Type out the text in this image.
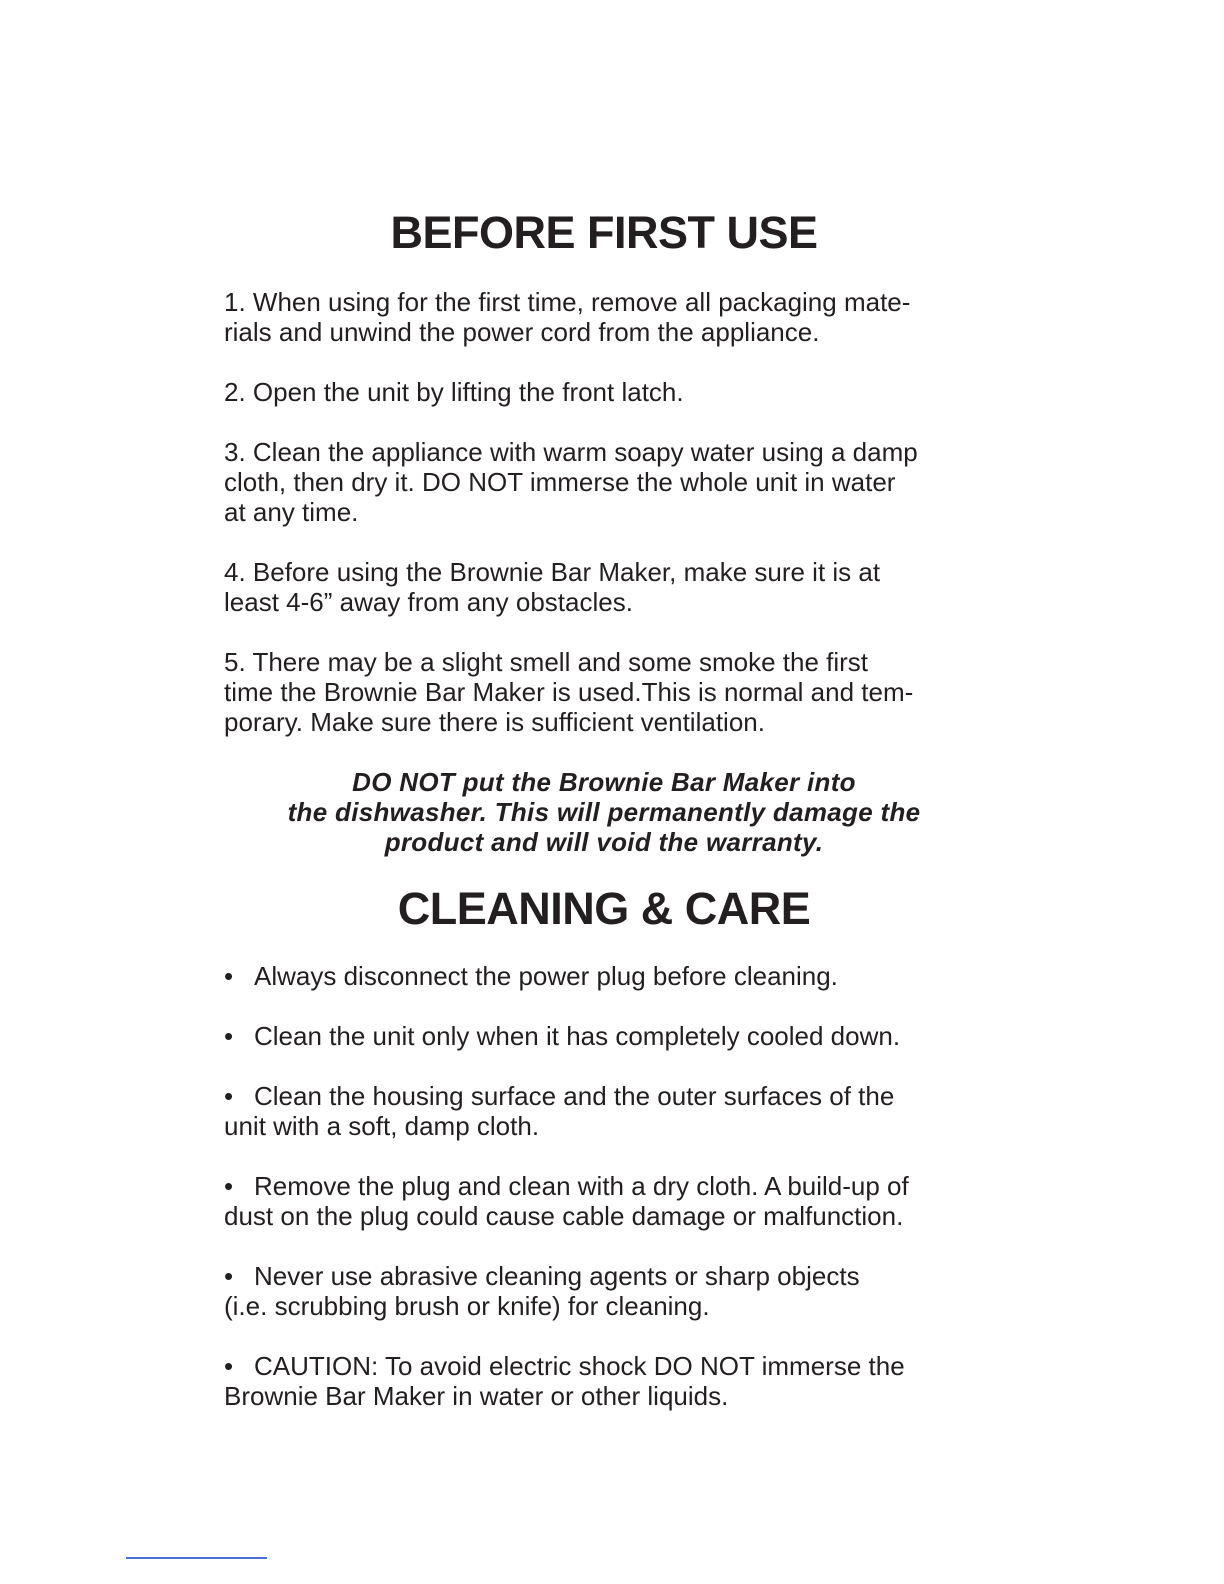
BEFORE FIRST USE

1. When using for the first time, remove all packaging mate-
rials and unwind the power cord from the appliance.

2. Open the unit by lifting the front latch.

3. Clean the appliance with warm soapy water using a damp
cloth, then dry it. DO NOT immerse the whole unit in water
at any time.

4. Before using the Brownie Bar Maker, make sure it is at
least 4-6” away from any obstacles.

5. There may be a slight smell and some smoke the first
time the Brownie Bar Maker is used.This is normal and tem-
porary. Make sure there is sufficient ventilation.

DO NOT put the Brownie Bar Maker into
the dishwasher. This will permanently damage the
product and will void the warranty.
CLEANING & CARE

• Always disconnect the power plug before cleaning.

• Clean the unit only when it has completely cooled down.

• Clean the housing surface and the outer surfaces of the
unit with a soft, damp cloth.

• Remove the plug and clean with a dry cloth. A build-up of
dust on the plug could cause cable damage or malfunction.

• Never use abrasive cleaning agents or sharp objects
(i.e. scrubbing brush or knife) for cleaning.

• CAUTION: To avoid electric shock DO NOT immerse the
Brownie Bar Maker in water or other liquids.
